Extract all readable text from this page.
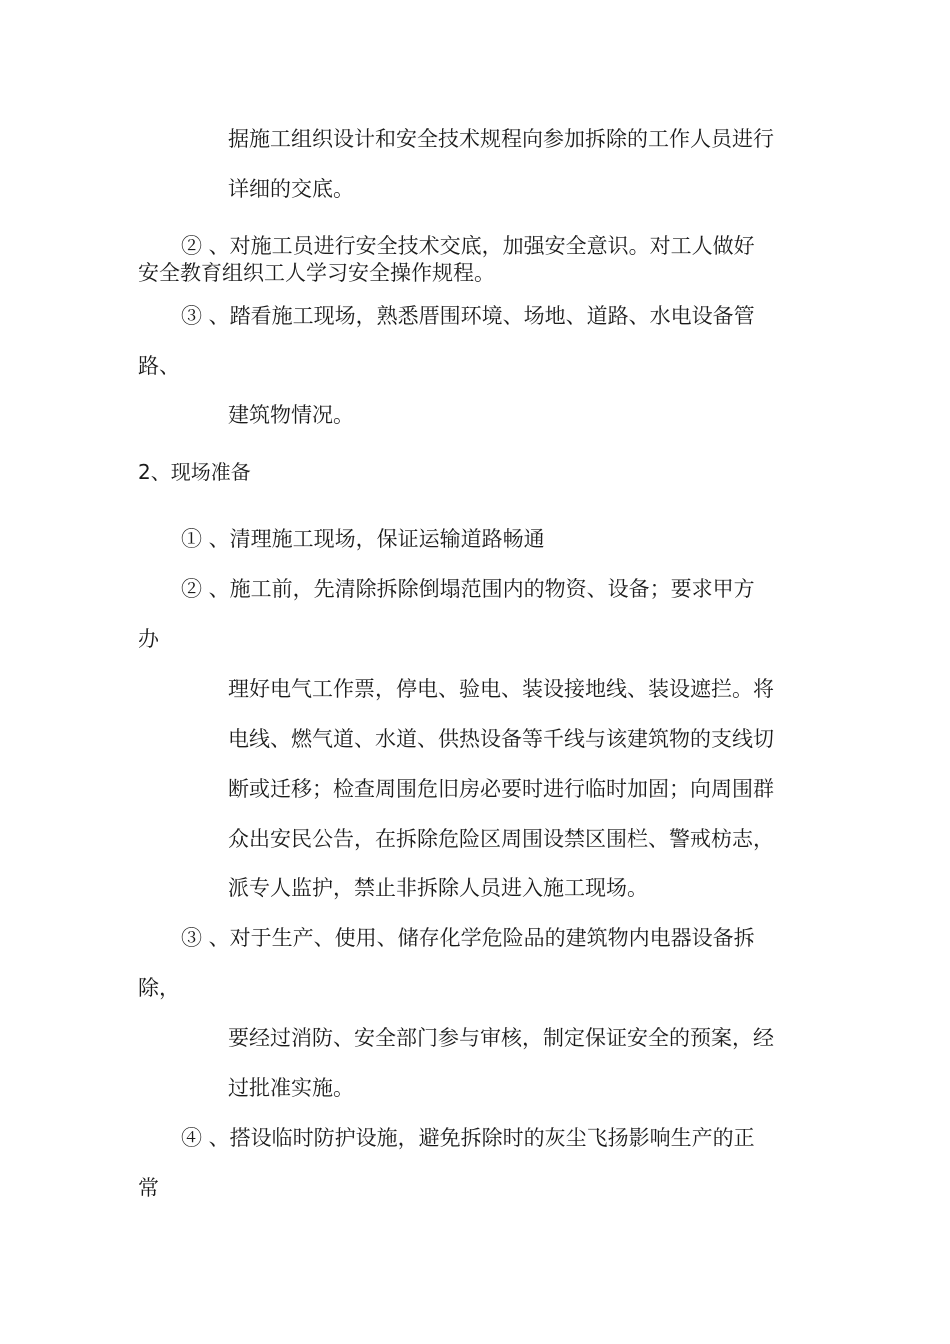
据施工组织设计和安全技术规程向参加拆除的工作人员进行

详细的交底。

② 、对施工员进行安全技术交底，加强安全意识。对工人做好

安全教育组织工人学习安全操作规程。

③ 、踏看施工现场，熟悉厝围环境、场地、道路、水电设备管

路、

建筑物情况。

2、现场准备

① 、清理施工现场，保证运输道路畅通

② 、施工前，先清除拆除倒塌范围内的物资、设备；要求甲方

办

理好电气工作票，停电、验电、装设接地线、装设遮拦。将

电线、燃气道、水道、供热设备等千线与该建筑物的支线切

断或迁移；检查周围危旧房必要时进行临时加固；向周围群

众出安民公告，在拆除危险区周围设禁区围栏、警戒枋志，

派专人监护，禁止非拆除人员进入施工现场。

③ 、对于生产、使用、储存化学危险品的建筑物内电器设备拆

除，

要经过消防、安全部门参与审核，制定保证安全的预案，经

过批准实施。

④ 、搭设临时防护设施，避免拆除时的灰尘飞扬影响生产的正

常
